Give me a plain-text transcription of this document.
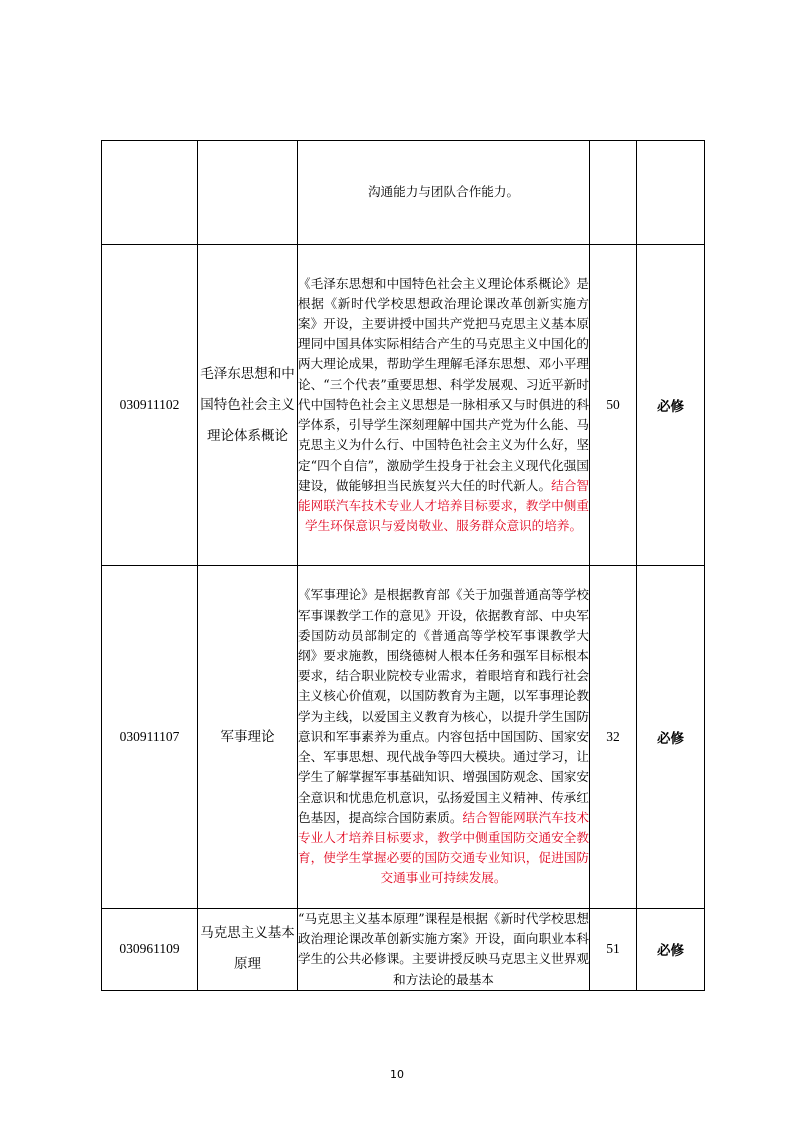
		沟通能力与团队合作能力。		
030911102	毛泽东思想和中国特色社会主义理论体系概论	《毛泽东思想和中国特色社会主义理论体系概论》是根据《新时代学校思想政治理论课改革创新实施方案》开设，主要讲授中国共产党把马克思主义基本原理同中国具体实际相结合产生的马克思主义中国化的两大理论成果，帮助学生理解毛泽东思想、邓小平理论、“三个代表”重要思想、科学发展观、习近平新时代中国特色社会主义思想是一脉相承又与时俱进的科学体系，引导学生深刻理解中国共产党为什么能、马克思主义为什么行、中国特色社会主义为什么好，坚定“四个自信”，激励学生投身于社会主义现代化强国建设，做能够担当民族复兴大任的时代新人。结合智能网联汽车技术专业人才培养目标要求，教学中侧重学生环保意识与爱岗敬业、服务群众意识的培养。	50	必修
030911107	军事理论	《军事理论》是根据教育部《关于加强普通高等学校军事课教学工作的意见》开设，依据教育部、中央军委国防动员部制定的《普通高等学校军事课教学大纲》要求施教，围绕德树人根本任务和强军目标根本要求，结合职业院校专业需求，着眼培育和践行社会主义核心价值观，以国防教育为主题，以军事理论教学为主线，以爱国主义教育为核心，以提升学生国防意识和军事素养为重点。内容包括中国国防、国家安全、军事思想、现代战争等四大模块。通过学习，让学生了解掌握军事基础知识、增强国防观念、国家安全意识和忧患危机意识，弘扬爱国主义精神、传承红色基因，提高综合国防素质。结合智能网联汽车技术专业人才培养目标要求，教学中侧重国防交通安全教育，使学生掌握必要的国防交通专业知识，促进国防交通事业可持续发展。	32	必修
030961109	马克思主义基本原理	“马克思主义基本原理”课程是根据《新时代学校思想政治理论课改革创新实施方案》开设，面向职业本科学生的公共必修课。主要讲授反映马克思主义世界观和方法论的最基本	51	必修
10
